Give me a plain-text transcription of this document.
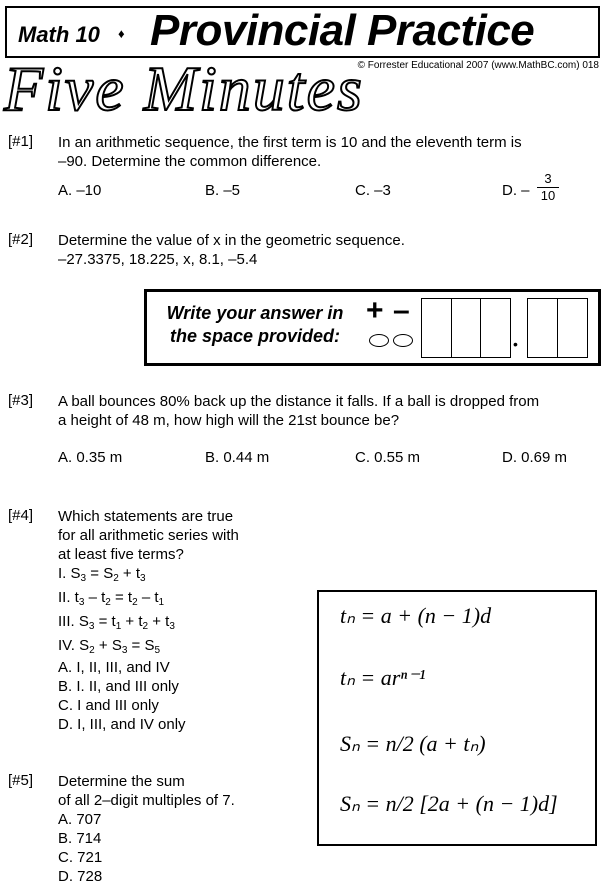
Math 10 ♦ Provincial Practice
© Forrester Educational 2007 (www.MathBC.com) 018
Five Minutes
[#1] In an arithmetic sequence, the first term is 10 and the eleventh term is
–90. Determine the common difference.
A. –10	B. –5	C. –3	D. – $\frac{3}{10}$
[#2] Determine the value of x in the geometric sequence.
–27.3375, 18.225, x, 8.1, –5.4
Write your answer in
the space provided:
+ –
•
[#3] A ball bounces 80% back up the distance it falls. If a ball is dropped from
a height of 48 m, how high will the 21st bounce be?
A. 0.35 m	B. 0.44 m	C. 0.55 m	D. 0.69 m
[#4] Which statements are true
for all arithmetic series with
at least five terms?
I. $S_3 = S_2 + t_3$
II. $t_3 - t_2 = t_2 - t_1$
III. $S_3 = t_1 + t_2 + t_3$
IV. $S_2 + S_3 = S_5$
A. I, II, III, and IV
B. I. II, and III only
C. I and III only
D. I, III, and IV only
[#5] Determine the sum
of all 2–digit multiples of 7.
A. 707
B. 714
C. 721
D. 728
tₙ = a + (n − 1)d
tₙ = arⁿ⁻¹
Sₙ = n/2 (a + tₙ)
Sₙ = n/2 [2a + (n − 1)d]
